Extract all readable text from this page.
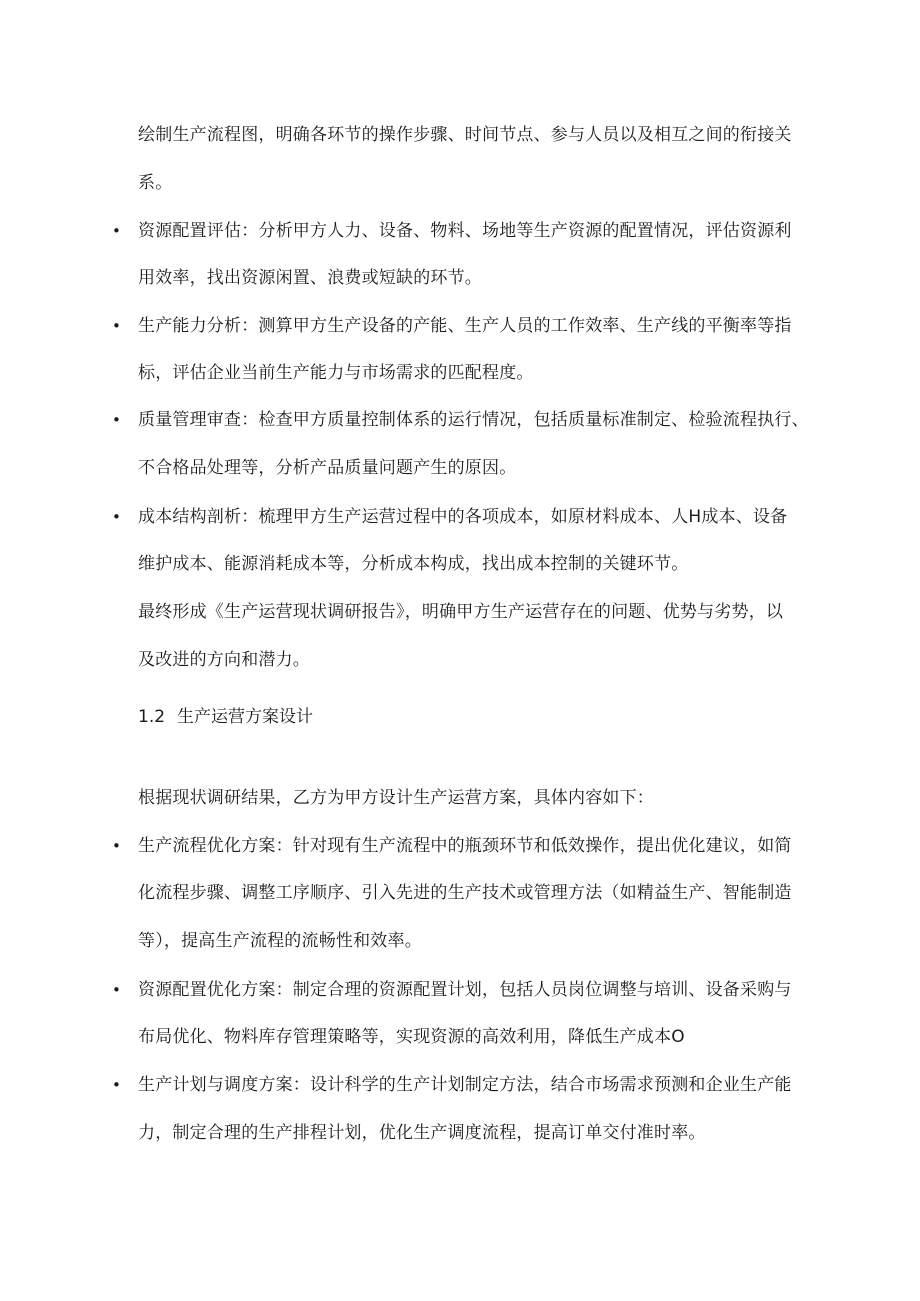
绘制生产流程图，明确各环节的操作步骤、时间节点、参与人员以及相互之间的衔接关
系。
• 资源配置评估：分析甲方人力、设备、物料、场地等生产资源的配置情况，评估资源利
用效率，找出资源闲置、浪费或短缺的环节。
• 生产能力分析：测算甲方生产设备的产能、生产人员的工作效率、生产线的平衡率等指
标，评估企业当前生产能力与市场需求的匹配程度。
• 质量管理审查：检查甲方质量控制体系的运行情况，包括质量标准制定、检验流程执行、
不合格品处理等，分析产品质量问题产生的原因。
• 成本结构剖析：梳理甲方生产运营过程中的各项成本，如原材料成本、人H成本、设备
维护成本、能源消耗成本等，分析成本构成，找出成本控制的关键环节。
最终形成《生产运营现状调研报告》，明确甲方生产运营存在的问题、优势与劣势，以
及改进的方向和潜力。
1.2 生产运营方案设计
根据现状调研结果，乙方为甲方设计生产运营方案，具体内容如下：
• 生产流程优化方案：针对现有生产流程中的瓶颈环节和低效操作，提出优化建议，如简
化流程步骤、调整工序顺序、引入先进的生产技术或管理方法（如精益生产、智能制造
等），提高生产流程的流畅性和效率。
• 资源配置优化方案：制定合理的资源配置计划，包括人员岗位调整与培训、设备采购与
布局优化、物料库存管理策略等，实现资源的高效利用，降低生产成本O
• 生产计划与调度方案：设计科学的生产计划制定方法，结合市场需求预测和企业生产能
力，制定合理的生产排程计划，优化生产调度流程，提高订单交付准时率。
